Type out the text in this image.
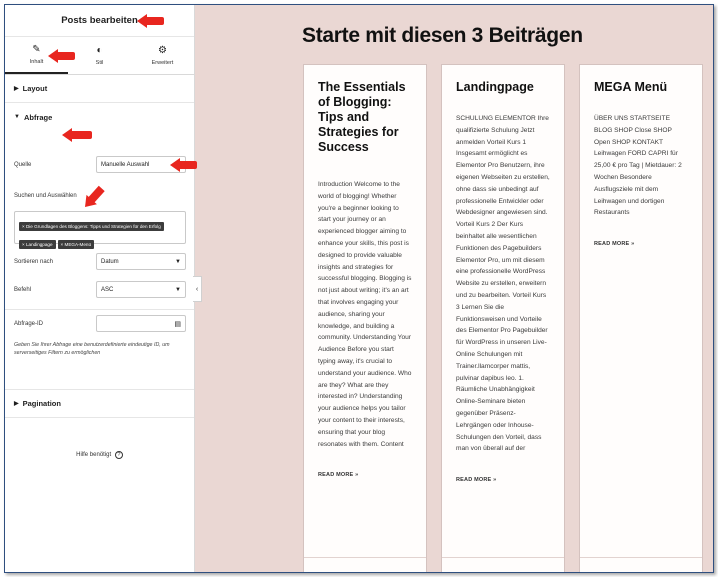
Posts bearbeiten
✎
Inhalt
◐
Stil
⚙
Erweitert
▶ Layout
▼ Abfrage
Quelle	Manuelle Auswahl
Suchen und Auswählen
× Die Grundlagen des Bloggens: Tipps und Strategien für den Erfolg
× Landingpage × MEGA-Menü
Sortieren nach	Datum	▼
Befehl	ASC	▼
Abfrage-ID	▤
Geben Sie Ihrer Abfrage eine benutzerdefinierte eindeutige ID, um serverseitiges Filtern zu ermöglichen
▶ Pagination
Hilfe benötigt ?
‹
Starte mit diesen 3 Beiträgen
The Essentials of Blogging: Tips and Strategies for Success

Introduction Welcome to the world of blogging! Whether you're a beginner looking to start your journey or an experienced blogger aiming to enhance your skills, this post is designed to provide valuable insights and strategies for successful blogging. Blogging is not just about writing; it's an art that involves engaging your audience, sharing your knowledge, and building a community. Understanding Your Audience Before you start typing away, it's crucial to understand your audience. Who are they? What are they interested in? Understanding your audience helps you tailor your content to their interests, ensuring that your blog resonates with them. Content

READ MORE »
Landingpage

SCHULUNG ELEMENTOR Ihre qualifizierte Schulung Jetzt anmelden Vorteil Kurs 1 Insgesamt ermöglicht es Elementor Pro Benutzern, ihre eigenen Webseiten zu erstellen, ohne dass sie unbedingt auf professionelle Entwickler oder Webdesigner angewiesen sind. Vorteil Kurs 2 Der Kurs beinhaltet alle wesentlichen Funktionen des Pagebuilders Elementor Pro, um mit diesem eine professionelle WordPress Website zu erstellen, erweitern und zu bearbeiten. Vorteil Kurs 3 Lernen Sie die Funktionsweisen und Vorteile des Elementor Pro Pagebuilder für WordPress in unseren Live-Online Schulungen mit Trainer.llamcorper mattis, pulvinar dapibus leo. 1. Räumliche Unabhängigkeit Online-Seminare bieten gegenüber Präsenz-Lehrgängen oder Inhouse-Schulungen den Vorteil, dass man von überall auf der

READ MORE »
MEGA Menü

ÜBER UNS STARTSEITE BLOG SHOP Close SHOP Open SHOP KONTAKT Leihwagen FORD CAPRI für 25,00 € pro Tag | Mietdauer: 2 Wochen Besondere Ausflugsziele mit dem Leihwagen und dortigen Restaurants

READ MORE »
